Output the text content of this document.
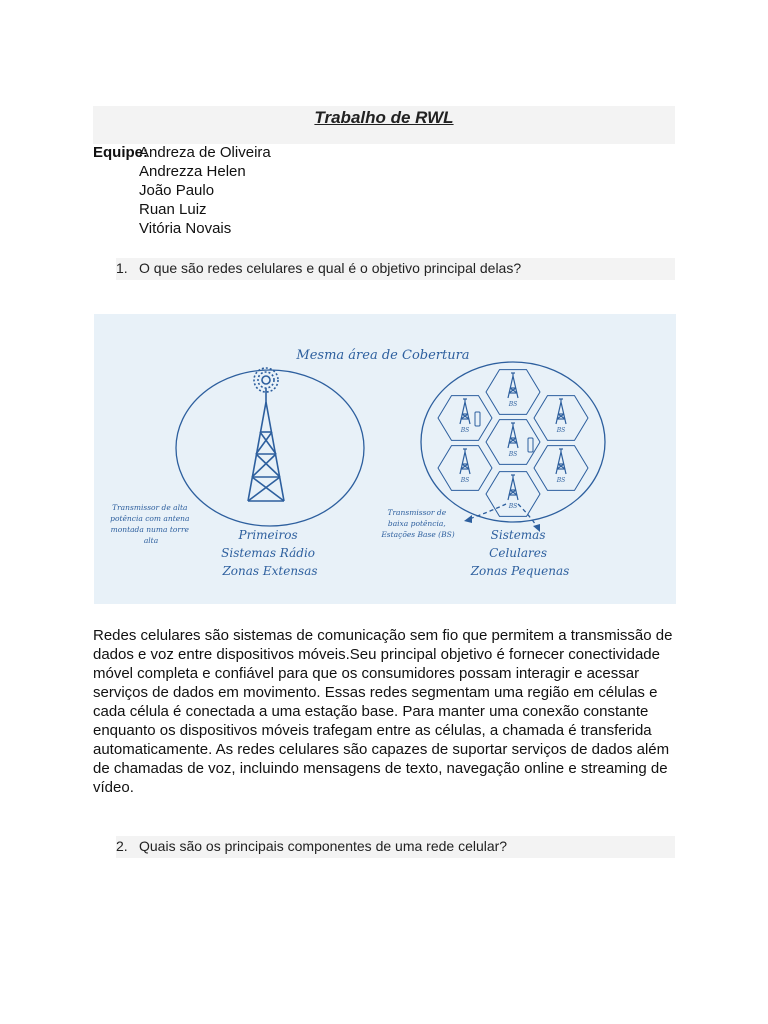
Trabalho de RWL
Equipe:
Andreza de Oliveira
Andrezza Helen
João Paulo
Ruan Luiz
Vitória Novais
1. O que são redes celulares e qual é o objetivo principal delas?
Mesma área de Cobertura
Transmissor de alta potência com antena montada numa torre alta	Primeiros Sistemas Rádio Zonas Extensas
BS
BS
BS
BS
BS
BS
BS
Transmissor de baixa potência, Estações Base (BS)	Sistemas Celulares Zonas Pequenas
Redes celulares são sistemas de comunicação sem fio que permitem a transmissão de dados e voz entre dispositivos móveis.Seu principal objetivo é fornecer conectividade móvel completa e confiável para que os consumidores possam interagir e acessar serviços de dados em movimento. Essas redes segmentam uma região em células e cada célula é conectada a uma estação base. Para manter uma conexão constante enquanto os dispositivos móveis trafegam entre as células, a chamada é transferida automaticamente. As redes celulares são capazes de suportar serviços de dados além de chamadas de voz, incluindo mensagens de texto, navegação online e streaming de vídeo.
2. Quais são os principais componentes de uma rede celular?
